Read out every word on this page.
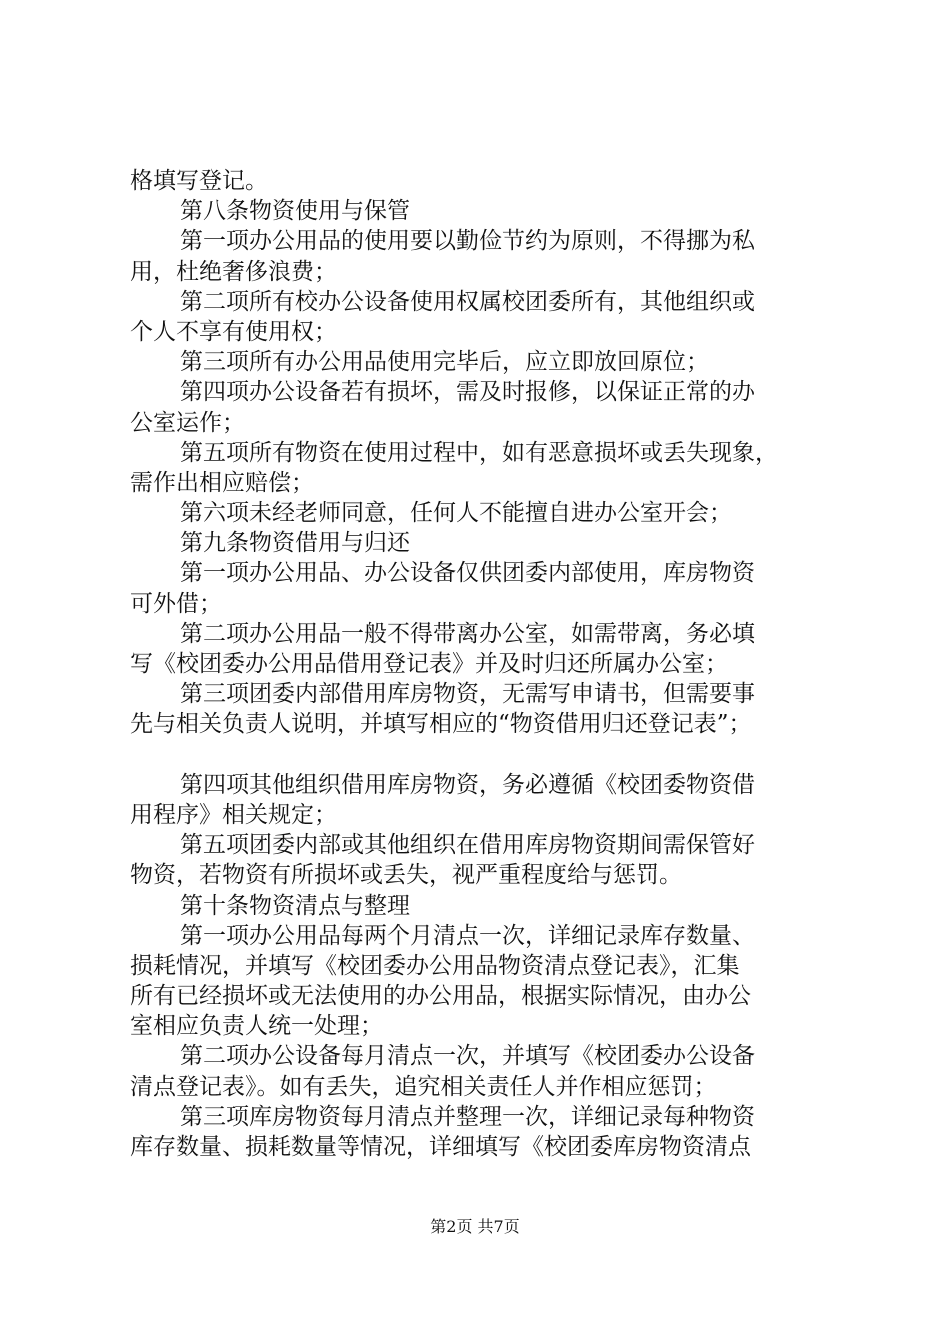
格填写登记。
第八条物资使用与保管
第一项办公用品的使用要以勤俭节约为原则，不得挪为私
用，杜绝奢侈浪费；
第二项所有校办公设备使用权属校团委所有，其他组织或
个人不享有使用权；
第三项所有办公用品使用完毕后，应立即放回原位；
第四项办公设备若有损坏，需及时报修，以保证正常的办
公室运作；
第五项所有物资在使用过程中，如有恶意损坏或丢失现象，
需作出相应赔偿；
第六项未经老师同意，任何人不能擅自进办公室开会；
第九条物资借用与归还
第一项办公用品、办公设备仅供团委内部使用，库房物资
可外借；
第二项办公用品一般不得带离办公室，如需带离，务必填
写《校团委办公用品借用登记表》并及时归还所属办公室；
第三项团委内部借用库房物资，无需写申请书，但需要事
先与相关负责人说明，并填写相应的“物资借用归还登记表”；
第四项其他组织借用库房物资，务必遵循《校团委物资借
用程序》相关规定；
第五项团委内部或其他组织在借用库房物资期间需保管好
物资，若物资有所损坏或丢失，视严重程度给与惩罚。
第十条物资清点与整理
第一项办公用品每两个月清点一次，详细记录库存数量、
损耗情况，并填写《校团委办公用品物资清点登记表》，汇集
所有已经损坏或无法使用的办公用品，根据实际情况，由办公
室相应负责人统一处理；
第二项办公设备每月清点一次，并填写《校团委办公设备
清点登记表》。如有丢失，追究相关责任人并作相应惩罚；
第三项库房物资每月清点并整理一次，详细记录每种物资
库存数量、损耗数量等情况，详细填写《校团委库房物资清点
第2页 共7页
